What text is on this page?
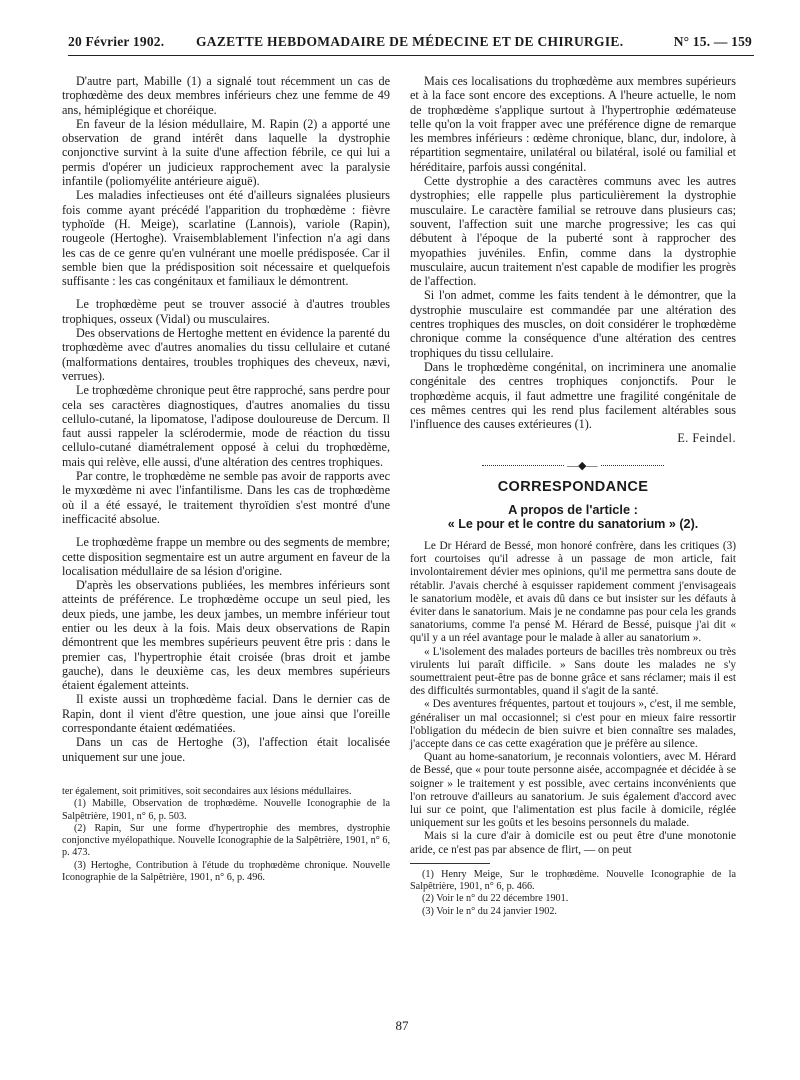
20 Février 1902. GAZETTE HEBDOMADAIRE DE MÉDECINE ET DE CHIRURGIE.	N° 15. — 159

D'autre part, Mabille (1) a signalé tout récemment un cas de trophœdème des deux membres inférieurs chez une femme de 49 ans, hémiplégique et choréique.

En faveur de la lésion médullaire, M. Rapin (2) a apporté une observation de grand intérêt dans laquelle la dystrophie conjonctive survint à la suite d'une affection fébrile, ce qui lui a permis d'opérer un judicieux rapprochement avec la paralysie infantile (poliomyélite antérieure aiguë).

Les maladies infectieuses ont été d'ailleurs signalées plusieurs fois comme ayant précédé l'apparition du trophœdème : fièvre typhoïde (H. Meige), scarlatine (Lannois), variole (Rapin), rougeole (Hertoghe). Vraisemblablement l'infection n'a agi dans les cas de ce genre qu'en vulnérant une moelle prédisposée. Car il semble bien que la prédisposition soit nécessaire et quelquefois suffisante : les cas congénitaux et familiaux le démontrent.

Le trophœdème peut se trouver associé à d'autres troubles trophiques, osseux (Vidal) ou musculaires.

Des observations de Hertoghe mettent en évidence la parenté du trophœdème avec d'autres anomalies du tissu cellulaire et cutané (malformations dentaires, troubles trophiques des cheveux, nævi, verrues).

Le trophœdème chronique peut être rapproché, sans perdre pour cela ses caractères diagnostiques, d'autres anomalies du tissu cellulo-cutané, la lipomatose, l'adipose douloureuse de Dercum. Il faut aussi rappeler la sclérodermie, mode de réaction du tissu cellulo-cutané diamétralement opposé à celui du trophœdème, mais qui relève, elle aussi, d'une altération des centres trophiques.

Par contre, le trophœdème ne semble pas avoir de rapports avec le myxœdème ni avec l'infantilisme. Dans les cas de trophœdème où il a été essayé, le traitement thyroïdien s'est montré d'une inefficacité absolue.

Le trophœdème frappe un membre ou des segments de membre; cette disposition segmentaire est un autre argument en faveur de la localisation médullaire de sa lésion d'origine.

D'après les observations publiées, les membres inférieurs sont atteints de préférence. Le trophœdème occupe un seul pied, les deux pieds, une jambe, les deux jambes, un membre inférieur tout entier ou les deux à la fois. Mais deux observations de Rapin démontrent que les membres supérieurs peuvent être pris : dans le premier cas, l'hypertrophie était croisée (bras droit et jambe gauche), dans le deuxième cas, les deux membres supérieurs étaient également atteints.

Il existe aussi un trophœdème facial. Dans le dernier cas de Rapin, dont il vient d'être question, une joue ainsi que l'oreille correspondante étaient œdématiées.

Dans un cas de Hertoghe (3), l'affection était localisée uniquement sur une joue.

ter également, soit primitives, soit secondaires aux lésions médullaires.

(1) Mabille, Observation de trophœdème. Nouvelle Iconographie de la Salpêtrière, 1901, n° 6, p. 503.

(2) Rapin, Sur une forme d'hypertrophie des membres, dystrophie conjonctive myélopathique. Nouvelle Iconographie de la Salpêtrière, 1901, n° 6, p. 473.

(3) Hertoghe, Contribution à l'étude du trophœdème chronique. Nouvelle Iconographie de la Salpêtrière, 1901, n° 6, p. 496.

Mais ces localisations du trophœdème aux membres supérieurs et à la face sont encore des exceptions. A l'heure actuelle, le nom de trophœdème s'applique surtout à l'hypertrophie œdémateuse telle qu'on la voit frapper avec une préférence digne de remarque les membres inférieurs : œdème chronique, blanc, dur, indolore, à répartition segmentaire, unilatéral ou bilatéral, isolé ou familial et héréditaire, parfois aussi congénital.

Cette dystrophie a des caractères communs avec les autres dystrophies; elle rappelle plus particulièrement la dystrophie musculaire. Le caractère familial se retrouve dans plusieurs cas; souvent, l'affection suit une marche progressive; les cas qui débutent à l'époque de la puberté sont à rapprocher des myopathies juvéniles. Enfin, comme dans la dystrophie musculaire, aucun traitement n'est capable de modifier les progrès de l'affection.

Si l'on admet, comme les faits tendent à le démontrer, que la dystrophie musculaire est commandée par une altération des centres trophiques des muscles, on doit considérer le trophœdème chronique comme la conséquence d'une altération des centres trophiques du tissu cellulaire.

Dans le trophœdème congénital, on incriminera une anomalie congénitale des centres trophiques conjonctifs. Pour le trophœdème acquis, il faut admettre une fragilité congénitale de ces mêmes centres qui les rend plus facilement altérables sous l'influence des causes extérieures (1).

E. Feindel.
—◆—
CORRESPONDANCE
A propos de l'article :
« Le pour et le contre du sanatorium » (2).

Le Dr Hérard de Bessé, mon honoré confrère, dans les critiques (3) fort courtoises qu'il adresse à un passage de mon article, fait involontairement dévier mes opinions, qu'il me permettra sans doute de rétablir. J'avais cherché à esquisser rapidement comment j'envisageais le sanatorium modèle, et avais dû dans ce but insister sur les défauts à éviter dans le sanatorium. Mais je ne condamne pas pour cela les grands sanatoriums, comme l'a pensé M. Hérard de Bessé, puisque j'ai dit « qu'il y a un réel avantage pour le malade à aller au sanatorium ».

« L'isolement des malades porteurs de bacilles très nombreux ou très virulents lui paraît difficile. » Sans doute les malades ne s'y soumettraient peut-être pas de bonne grâce et sans réclamer; mais il est des difficultés surmontables, quand il s'agit de la santé.

« Des aventures fréquentes, partout et toujours », c'est, il me semble, généraliser un mal occasionnel; si c'est pour en mieux faire ressortir l'obligation du médecin de bien suivre et bien connaître ses malades, j'accepte dans ce cas cette exagération que je préfère au silence.

Quant au home-sanatorium, je reconnais volontiers, avec M. Hérard de Bessé, que « pour toute personne aisée, accompagnée et décidée à se soigner » le traitement y est possible, avec certains inconvénients que l'on retrouve d'ailleurs au sanatorium. Je suis également d'accord avec lui sur ce point, que l'alimentation est plus facile à domicile, réglée uniquement sur les goûts et les besoins personnels du malade.

Mais si la cure d'air à domicile est ou peut être d'une monotonie aride, ce n'est pas par absence de flirt, — on peut

(1) Henry Meige, Sur le trophœdème. Nouvelle Iconographie de la Salpêtrière, 1901, n° 6, p. 466.

(2) Voir le n° du 22 décembre 1901.

(3) Voir le n° du 24 janvier 1902.

87
